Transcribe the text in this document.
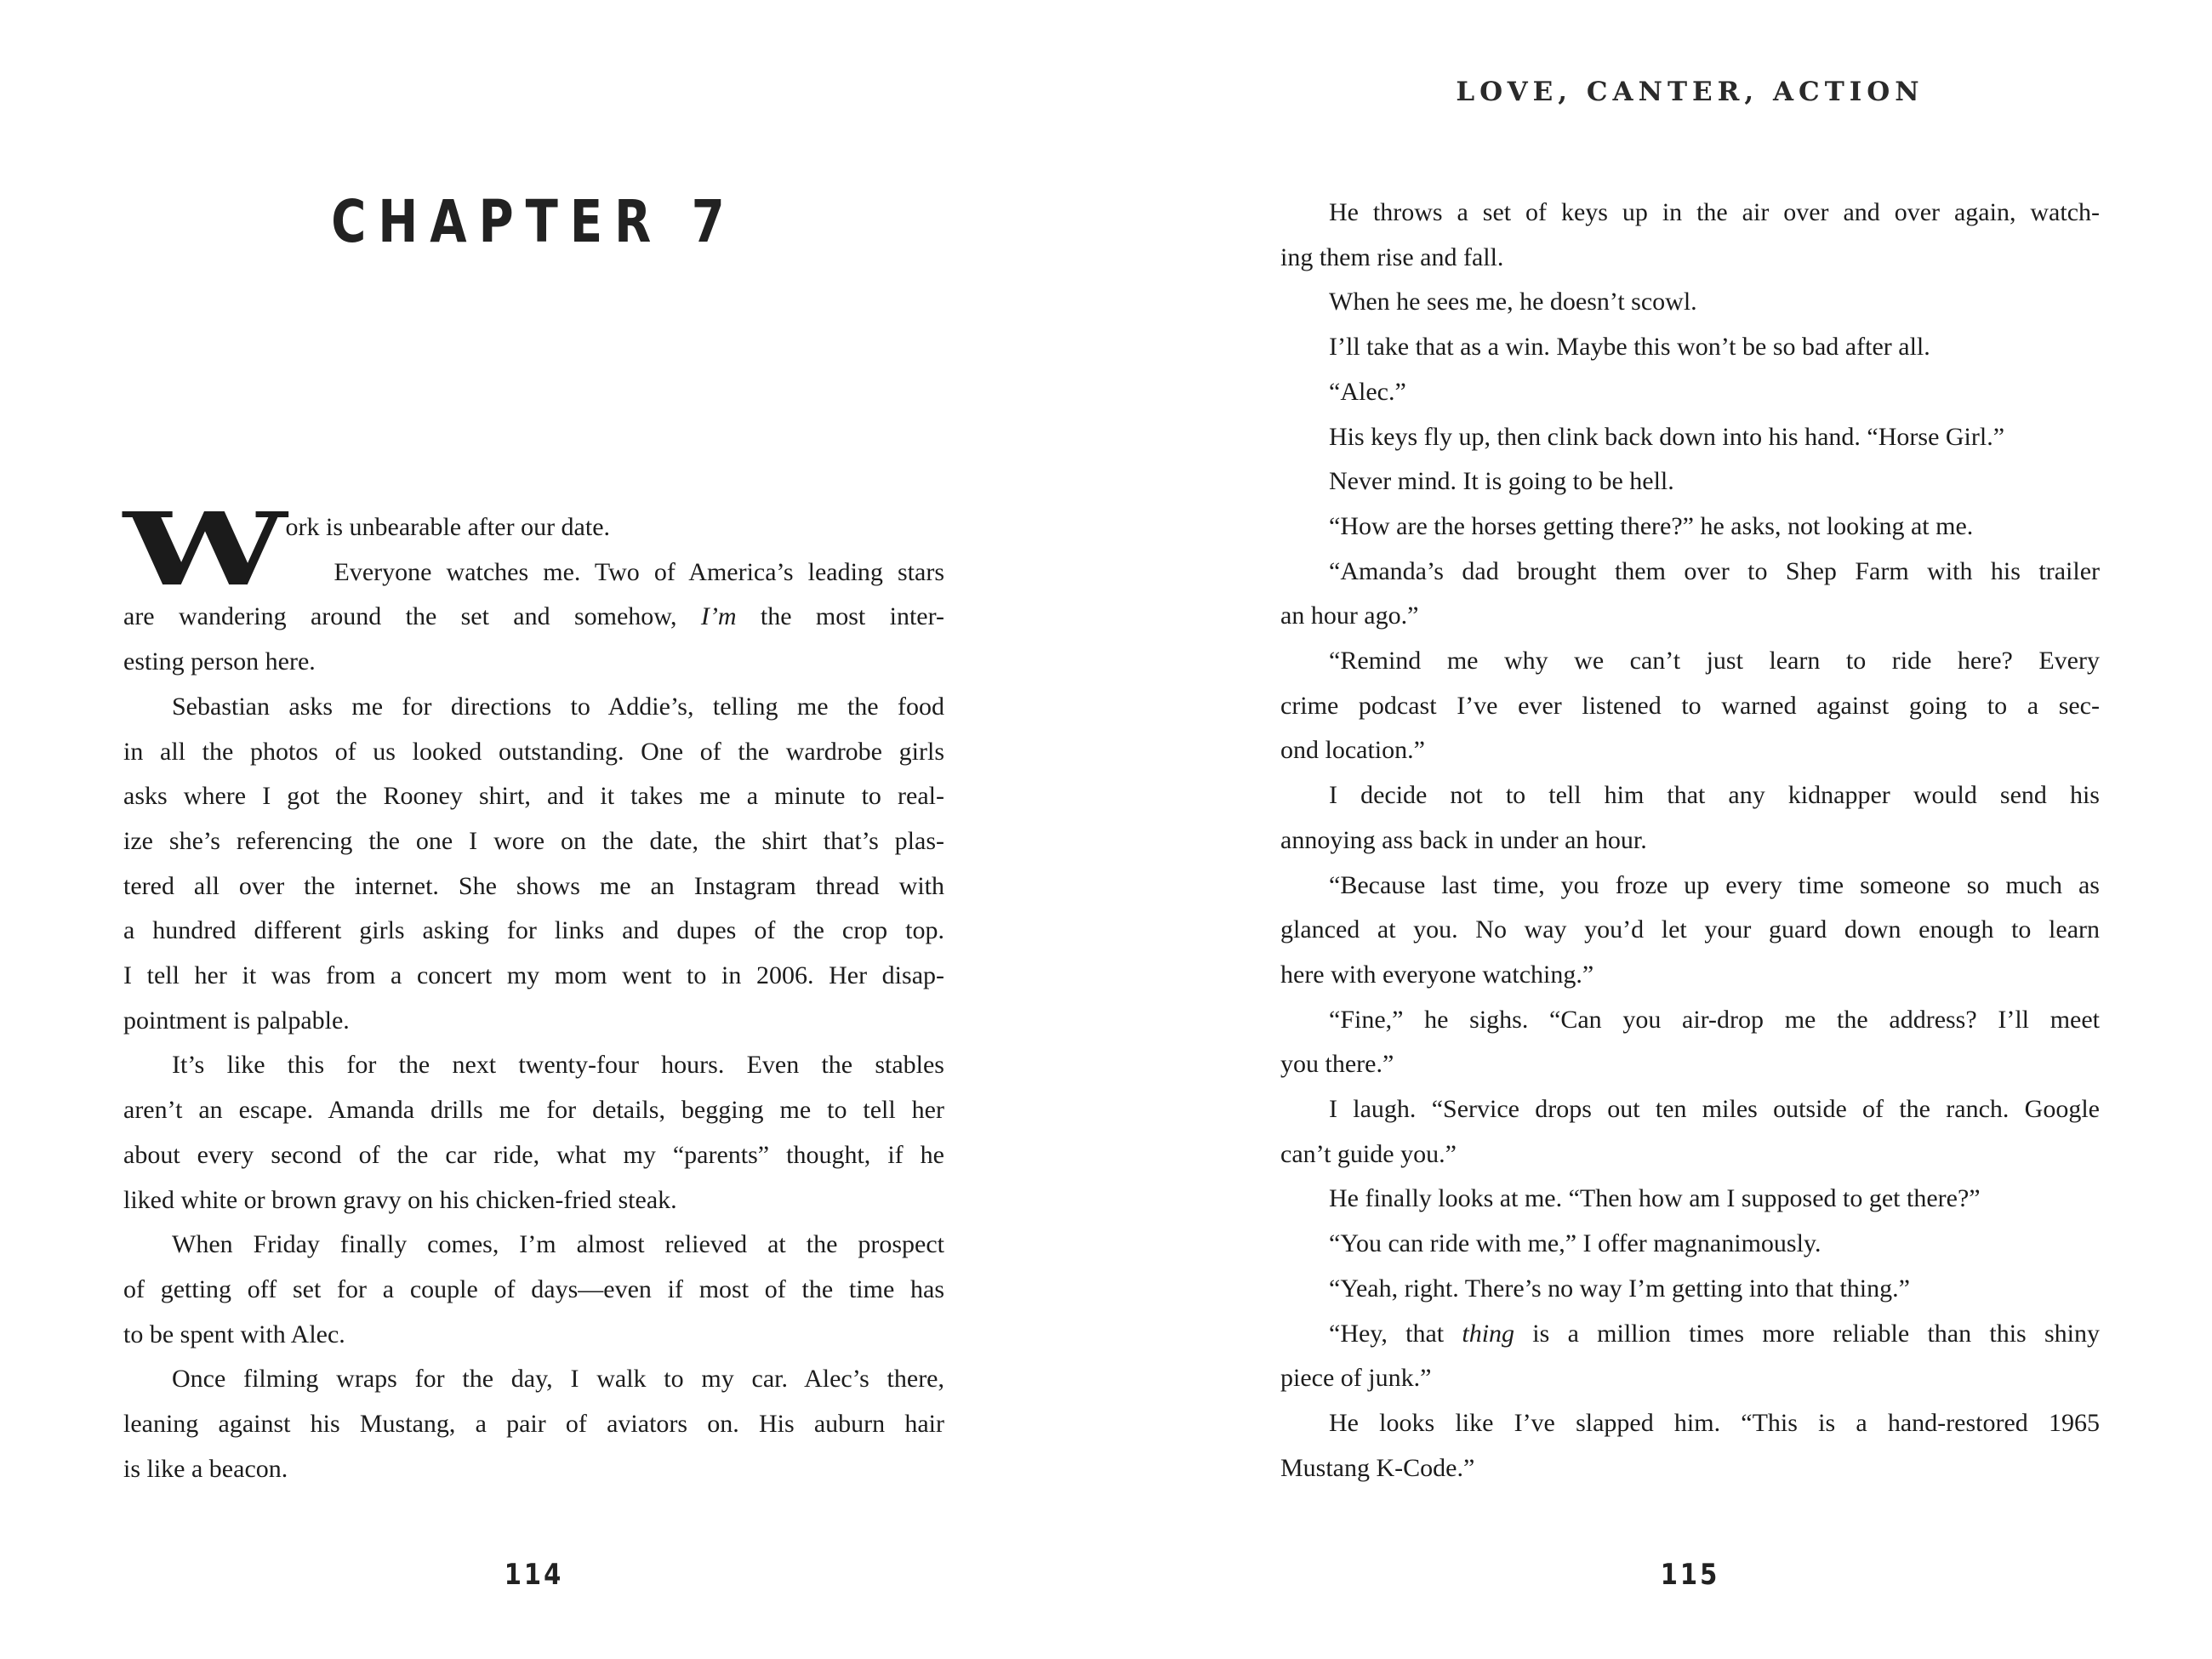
CHAPTER 7
W
ork is unbearable after our date.
Everyone watches me. Two of America’s leading stars
are wandering around the set and somehow, I’m the most inter-
esting person here.
Sebastian asks me for directions to Addie’s, telling me the food
in all the photos of us looked outstanding. One of the wardrobe girls
asks where I got the Rooney shirt, and it takes me a minute to real-
ize she’s referencing the one I wore on the date, the shirt that’s plas-
tered all over the internet. She shows me an Instagram thread with
a hundred different girls asking for links and dupes of the crop top.
I tell her it was from a concert my mom went to in 2006. Her disap-
pointment is palpable.
It’s like this for the next twenty-four hours. Even the stables
aren’t an escape. Amanda drills me for details, begging me to tell her
about every second of the car ride, what my “parents” thought, if he
liked white or brown gravy on his chicken-fried steak.
When Friday finally comes, I’m almost relieved at the prospect
of getting off set for a couple of days—even if most of the time has
to be spent with Alec.
Once filming wraps for the day, I walk to my car. Alec’s there,
leaning against his Mustang, a pair of aviators on. His auburn hair
is like a beacon.
114
LOVE, CANTER, ACTION
He throws a set of keys up in the air over and over again, watch-
ing them rise and fall.
When he sees me, he doesn’t scowl.
I’ll take that as a win. Maybe this won’t be so bad after all.
“Alec.”
His keys fly up, then clink back down into his hand. “Horse Girl.”
Never mind. It is going to be hell.
“How are the horses getting there?” he asks, not looking at me.
“Amanda’s dad brought them over to Shep Farm with his trailer
an hour ago.”
“Remind me why we can’t just learn to ride here? Every
crime podcast I’ve ever listened to warned against going to a sec-
ond location.”
I decide not to tell him that any kidnapper would send his
annoying ass back in under an hour.
“Because last time, you froze up every time someone so much as
glanced at you. No way you’d let your guard down enough to learn
here with everyone watching.”
“Fine,” he sighs. “Can you air-drop me the address? I’ll meet
you there.”
I laugh. “Service drops out ten miles outside of the ranch. Google
can’t guide you.”
He finally looks at me. “Then how am I supposed to get there?”
“You can ride with me,” I offer magnanimously.
“Yeah, right. There’s no way I’m getting into that thing.”
“Hey, that thing is a million times more reliable than this shiny
piece of junk.”
He looks like I’ve slapped him. “This is a hand-restored 1965
Mustang K-Code.”
115
